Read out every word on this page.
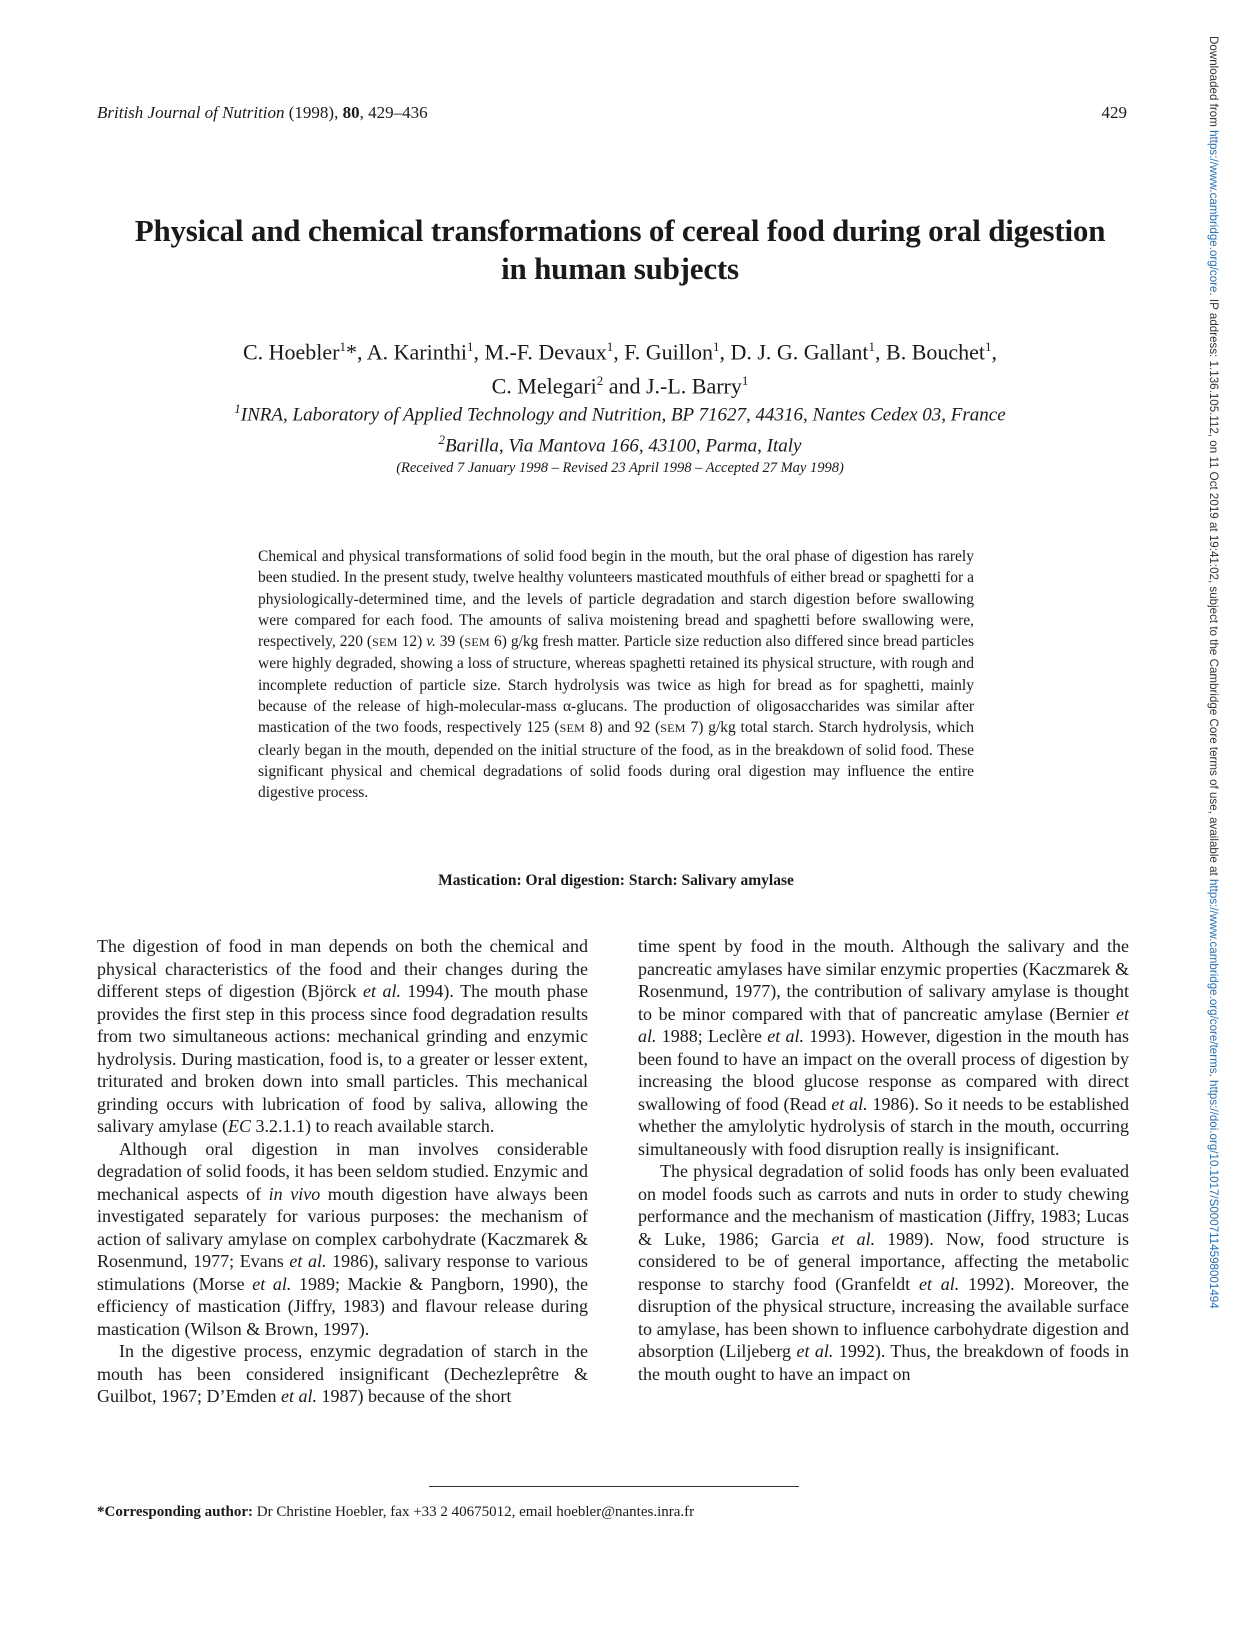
British Journal of Nutrition (1998), 80, 429–436	429
Physical and chemical transformations of cereal food during oral digestion
in human subjects
C. Hoebler$^1$*, A. Karinthi$^1$, M.-F. Devaux$^1$, F. Guillon$^1$, D. J. G. Gallant$^1$, B. Bouchet$^1$,
C. Melegari$^2$ and J.-L. Barry$^1$
$^1$INRA, Laboratory of Applied Technology and Nutrition, BP 71627, 44316, Nantes Cedex 03, France
$^2$Barilla, Via Mantova 166, 43100, Parma, Italy
(Received 7 January 1998 – Revised 23 April 1998 – Accepted 27 May 1998)
Chemical and physical transformations of solid food begin in the mouth, but the oral phase of digestion has rarely been studied. In the present study, twelve healthy volunteers masticated mouthfuls of either bread or spaghetti for a physiologically-determined time, and the levels of particle degradation and starch digestion before swallowing were compared for each food. The amounts of saliva moistening bread and spaghetti before swallowing were, respectively, 220 (SEM 12) v. 39 (SEM 6) g/kg fresh matter. Particle size reduction also differed since bread particles were highly degraded, showing a loss of structure, whereas spaghetti retained its physical structure, with rough and incomplete reduction of particle size. Starch hydrolysis was twice as high for bread as for spaghetti, mainly because of the release of high-molecular-mass α-glucans. The production of oligosaccharides was similar after mastication of the two foods, respectively 125 (SEM 8) and 92 (SEM 7) g/kg total starch. Starch hydrolysis, which clearly began in the mouth, depended on the initial structure of the food, as in the breakdown of solid food. These significant physical and chemical degradations of solid foods during oral digestion may influence the entire digestive process.
Mastication: Oral digestion: Starch: Salivary amylase

The digestion of food in man depends on both the chemical and physical characteristics of the food and their changes during the different steps of digestion (Björck et al. 1994). The mouth phase provides the first step in this process since food degradation results from two simultaneous actions: mechanical grinding and enzymic hydrolysis. During mastication, food is, to a greater or lesser extent, triturated and broken down into small particles. This mechanical grinding occurs with lubrication of food by saliva, allowing the salivary amylase (EC 3.2.1.1) to reach available starch.

Although oral digestion in man involves considerable degradation of solid foods, it has been seldom studied. Enzymic and mechanical aspects of in vivo mouth digestion have always been investigated separately for various purposes: the mechanism of action of salivary amylase on complex carbohydrate (Kaczmarek & Rosenmund, 1977; Evans et al. 1986), salivary response to various stimulations (Morse et al. 1989; Mackie & Pangborn, 1990), the efficiency of mastication (Jiffry, 1983) and flavour release during mastication (Wilson & Brown, 1997).

In the digestive process, enzymic degradation of starch in the mouth has been considered insignificant (Dechezleprêtre & Guilbot, 1967; D’Emden et al. 1987) because of the short

time spent by food in the mouth. Although the salivary and the pancreatic amylases have similar enzymic properties (Kaczmarek & Rosenmund, 1977), the contribution of salivary amylase is thought to be minor compared with that of pancreatic amylase (Bernier et al. 1988; Leclère et al. 1993). However, digestion in the mouth has been found to have an impact on the overall process of digestion by increasing the blood glucose response as compared with direct swallowing of food (Read et al. 1986). So it needs to be established whether the amylolytic hydrolysis of starch in the mouth, occurring simultaneously with food disruption really is insignificant.

The physical degradation of solid foods has only been evaluated on model foods such as carrots and nuts in order to study chewing performance and the mechanism of mastication (Jiffry, 1983; Lucas & Luke, 1986; Garcia et al. 1989). Now, food structure is considered to be of general importance, affecting the metabolic response to starchy food (Granfeldt et al. 1992). Moreover, the disruption of the physical structure, increasing the available surface to amylase, has been shown to influence carbohydrate digestion and absorption (Liljeberg et al. 1992). Thus, the breakdown of foods in the mouth ought to have an impact on

*Corresponding author: Dr Christine Hoebler, fax +33 2 40675012, email hoebler@nantes.inra.fr
Downloaded from https://www.cambridge.org/core. IP address: 1.136.105.112, on 11 Oct 2019 at 19:41:02, subject to the Cambridge Core terms of use, available at https://www.cambridge.org/core/terms. https://doi.org/10.1017/S0007114598001494
